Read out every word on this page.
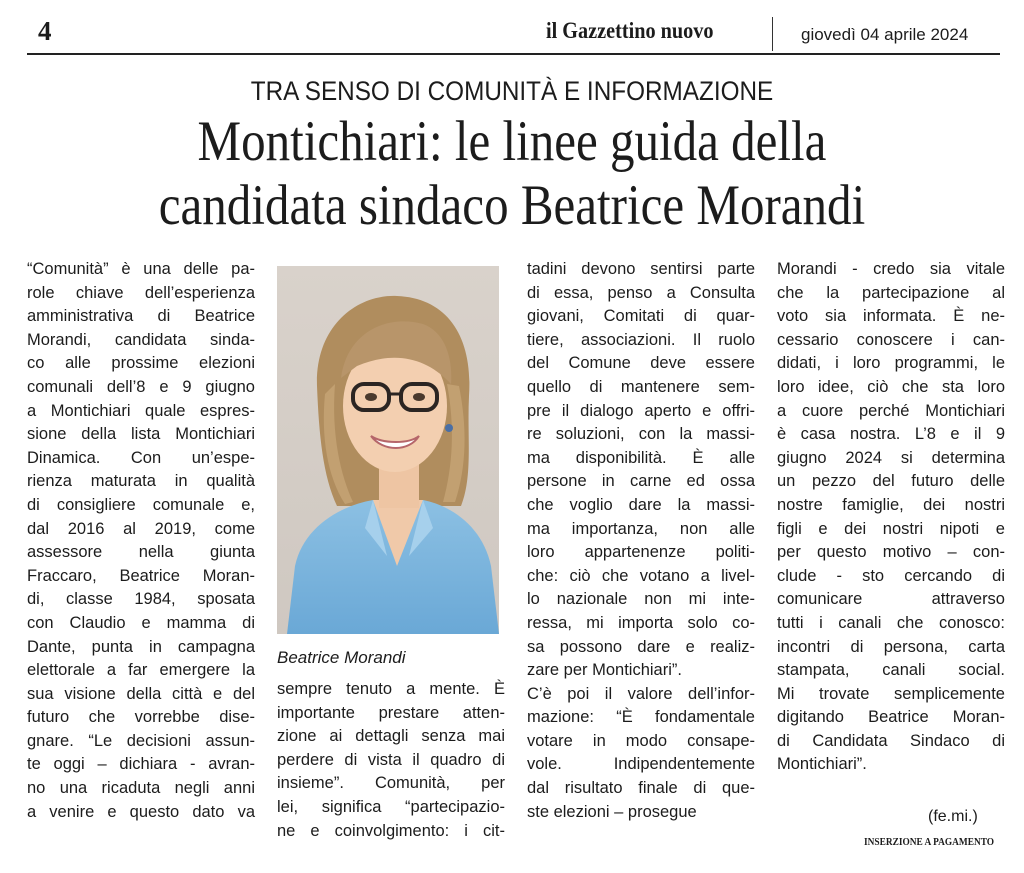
4	il Gazzettino nuovo	giovedì 04 aprile 2024
TRA SENSO DI COMUNITÀ E INFORMAZIONE
Montichiari: le linee guida della
candidata sindaco Beatrice Morandi
“Comunità” è una delle pa-
role chiave dell’esperienza
amministrativa di Beatrice
Morandi, candidata sinda-
co alle prossime elezioni
comunali dell’8 e 9 giugno
a Montichiari quale espres-
sione della lista Montichiari
Dinamica. Con un’espe-
rienza maturata in qualità
di consigliere comunale e,
dal 2016 al 2019, come
assessore nella giunta
Fraccaro, Beatrice Moran-
di, classe 1984, sposata
con Claudio e mamma di
Dante, punta in campagna
elettorale a far emergere la
sua visione della città e del
futuro che vorrebbe dise-
gnare. “Le decisioni assun-
te oggi – dichiara - avran-
no una ricaduta negli anni
a venire e questo dato va
Beatrice Morandi
sempre tenuto a mente. È
importante prestare atten-
zione ai dettagli senza mai
perdere di vista il quadro di
insieme”. Comunità, per
lei, significa “partecipazio-
ne e coinvolgimento: i cit-
tadini devono sentirsi parte
di essa, penso a Consulta
giovani, Comitati di quar-
tiere, associazioni. Il ruolo
del Comune deve essere
quello di mantenere sem-
pre il dialogo aperto e offri-
re soluzioni, con la massi-
ma disponibilità. È alle
persone in carne ed ossa
che voglio dare la massi-
ma importanza, non alle
loro appartenenze politi-
che: ciò che votano a livel-
lo nazionale non mi inte-
ressa, mi importa solo co-
sa possono dare e realiz-
zare per Montichiari”.
C’è poi il valore dell’infor-
mazione: “È fondamentale
votare in modo consape-
vole. Indipendentemente
dal risultato finale di que-
ste elezioni – prosegue
Morandi - credo sia vitale
che la partecipazione al
voto sia informata. È ne-
cessario conoscere i can-
didati, i loro programmi, le
loro idee, ciò che sta loro
a cuore perché Montichiari
è casa nostra. L’8 e il 9
giugno 2024 si determina
un pezzo del futuro delle
nostre famiglie, dei nostri
figli e dei nostri nipoti e
per questo motivo – con-
clude - sto cercando di
comunicare attraverso
tutti i canali che conosco:
incontri di persona, carta
stampata, canali social.
Mi trovate semplicemente
digitando Beatrice Moran-
di Candidata Sindaco di
Montichiari”.
(fe.mi.)
INSERZIONE A PAGAMENTO
